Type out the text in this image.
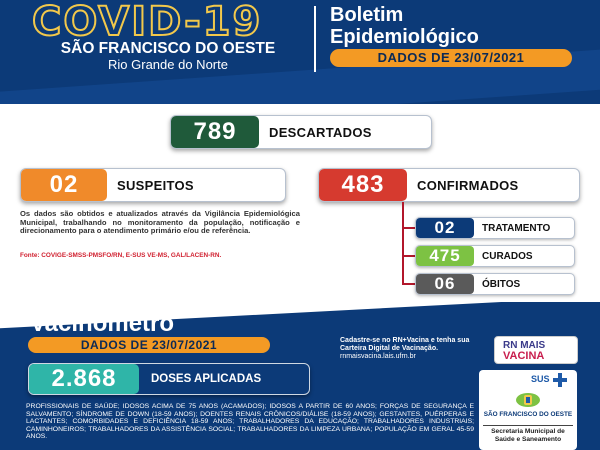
COVID-19
SÃO FRANCISCO DO OESTE
Rio Grande do Norte
Boletim
Epidemiológico
DADOS DE 23/07/2021
789	DESCARTADOS
02	SUSPEITOS	483	CONFIRMADOS
02	TRATAMENTO
475	CURADOS
06	ÓBITOS
Os dados são obtidos e atualizados através da Vigilância Epidemiológica Municipal, trabalhando no monitoramento da população, notificação e direcionamento para o atendimento primário e/ou de referência.
Fonte: COVIGE-SMSS-PMSFO/RN, E-SUS VE-MS, GAL/LACEN-RN.
Vacinômetro
DADOS DE 23/07/2021
2.868	DOSES APLICADAS
PROFISSIONAIS DE SAÚDE; IDOSOS ACIMA DE 75 ANOS (ACAMADOS); IDOSOS A PARTIR DE 60 ANOS; FORÇAS DE SEGURANÇA E SALVAMENTO; SÍNDROME DE DOWN (18-59 ANOS); DOENTES RENAIS CRÔNICOS/DIÁLISE (18-59 ANOS); GESTANTES, PUÉRPERAS E LACTANTES; COMORBIDADES E DEFICIÊNCIA 18-59 ANOS; TRABALHADORES DA EDUCAÇÃO; TRABALHADORES INDUSTRIAIS; CAMINHONEIROS; TRABALHADORES DA ASSISTÊNCIA SOCIAL; TRABALHADORES DA LIMPEZA URBANA; POPULAÇÃO EM GERAL 45-59 ANOS.
Cadastre-se no RN+Vacina e tenha sua Carteira Digital de Vacinação.
rnmaisvacina.lais.ufrn.br
RN MAIS
VACINA
SUS
SÃO FRANCISCO DO OESTE
Secretaria Municipal de Saúde e Saneamento
